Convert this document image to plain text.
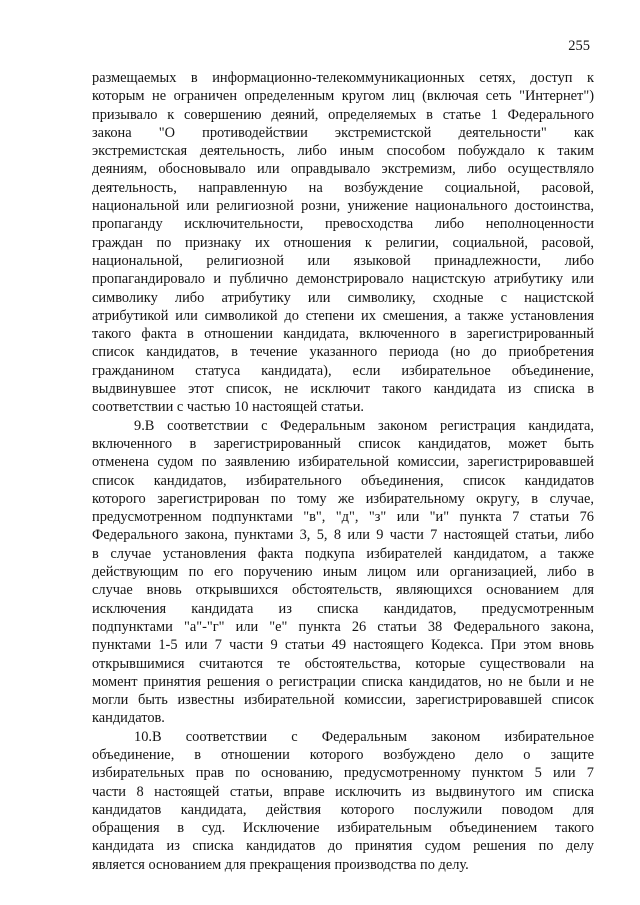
255
размещаемых в информационно-телекоммуникационных сетях, доступ к
которым не ограничен определенным кругом лиц (включая сеть "Интернет")
призывало к совершению деяний, определяемых в статье 1 Федерального
закона "О противодействии экстремистской деятельности" как
экстремистская деятельность, либо иным способом побуждало к таким
деяниям, обосновывало или оправдывало экстремизм, либо осуществляло
деятельность, направленную на возбуждение социальной, расовой,
национальной или религиозной розни, унижение национального достоинства,
пропаганду исключительности, превосходства либо неполноценности
граждан по признаку их отношения к религии, социальной, расовой,
национальной, религиозной или языковой принадлежности, либо
пропагандировало и публично демонстрировало нацистскую атрибутику или
символику либо атрибутику или символику, сходные с нацистской
атрибутикой или символикой до степени их смешения, а также установления
такого факта в отношении кандидата, включенного в зарегистрированный
список кандидатов, в течение указанного периода (но до приобретения
гражданином статуса кандидата), если избирательное объединение,
выдвинувшее этот список, не исключит такого кандидата из списка в
соответствии с частью 10 настоящей статьи.
9.В соответствии с Федеральным законом регистрация кандидата,
включенного в зарегистрированный список кандидатов, может быть
отменена судом по заявлению избирательной комиссии, зарегистрировавшей
список кандидатов, избирательного объединения, список кандидатов
которого зарегистрирован по тому же избирательному округу, в случае,
предусмотренном подпунктами "в", "д", "з" или "и" пункта 7 статьи 76
Федерального закона, пунктами 3, 5, 8 или 9 части 7 настоящей статьи, либо
в случае установления факта подкупа избирателей кандидатом, а также
действующим по его поручению иным лицом или организацией, либо в
случае вновь открывшихся обстоятельств, являющихся основанием для
исключения кандидата из списка кандидатов, предусмотренным
подпунктами "а"-"г" или "е" пункта 26 статьи 38 Федерального закона,
пунктами 1-5 или 7 части 9 статьи 49 настоящего Кодекса. При этом вновь
открывшимися считаются те обстоятельства, которые существовали на
момент принятия решения о регистрации списка кандидатов, но не были и не
могли быть известны избирательной комиссии, зарегистрировавшей список
кандидатов.
10.В соответствии с Федеральным законом избирательное
объединение, в отношении которого возбуждено дело о защите
избирательных прав по основанию, предусмотренному пунктом 5 или 7
части 8 настоящей статьи, вправе исключить из выдвинутого им списка
кандидатов кандидата, действия которого послужили поводом для
обращения в суд. Исключение избирательным объединением такого
кандидата из списка кандидатов до принятия судом решения по делу
является основанием для прекращения производства по делу.
